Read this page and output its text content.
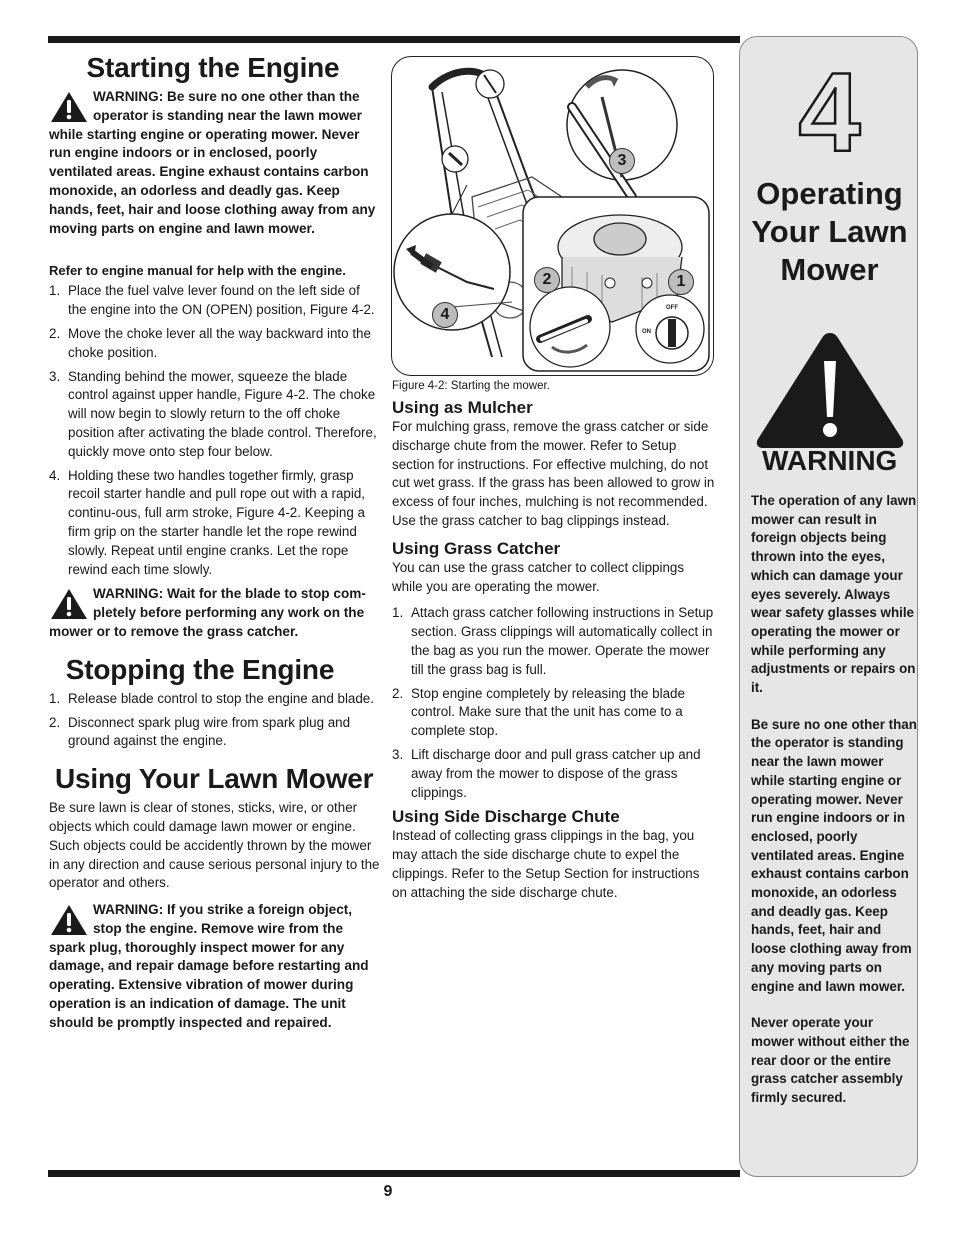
Starting the Engine
WARNING: Be sure no one other than the operator is standing near the lawn mower while starting engine or operating mower. Never run engine indoors or in enclosed, poorly ventilated areas. Engine exhaust contains carbon monoxide, an odorless and deadly gas. Keep hands, feet, hair and loose clothing away from any moving parts on engine and lawn mower.
Refer to engine manual for help with the engine.
1. Place the fuel valve lever found on the left side of the engine into the ON (OPEN) position, Figure 4-2.
2. Move the choke lever all the way backward into the choke position.
3. Standing behind the mower, squeeze the blade control against upper handle, Figure 4-2. The choke will now begin to slowly return to the off choke position after activating the blade control. Therefore, quickly move onto step four below.
4. Holding these two handles together firmly, grasp recoil starter handle and pull rope out with a rapid, continu-ous, full arm stroke, Figure 4-2. Keeping a firm grip on the starter handle let the rope rewind slowly. Repeat until engine cranks. Let the rope rewind each time slowly.
WARNING: Wait for the blade to stop com-pletely before performing any work on the mower or to remove the grass catcher.
Stopping the Engine
1. Release blade control to stop the engine and blade.
2. Disconnect spark plug wire from spark plug and ground against the engine.
Using Your Lawn Mower
Be sure lawn is clear of stones, sticks, wire, or other objects which could damage lawn mower or engine. Such objects could be accidently thrown by the mower in any direction and cause serious personal injury to the operator and others.
WARNING: If you strike a foreign object, stop the engine. Remove wire from the spark plug, thoroughly inspect mower for any damage, and repair damage before restarting and operating. Extensive vibration of mower during operation is an indication of damage. The unit should be promptly inspected and repaired.
3
2	1
4	OFF
ON
Figure 4-2: Starting the mower.
Using as Mulcher
For mulching grass, remove the grass catcher or side discharge chute from the mower. Refer to Setup section for instructions. For effective mulching, do not cut wet grass. If the grass has been allowed to grow in excess of four inches, mulching is not recommended. Use the grass catcher to bag clippings instead.
Using Grass Catcher
You can use the grass catcher to collect clippings while you are operating the mower.
1. Attach grass catcher following instructions in Setup section. Grass clippings will automatically collect in the bag as you run the mower. Operate the mower till the grass bag is full.
2. Stop engine completely by releasing the blade control. Make sure that the unit has come to a complete stop.
3. Lift discharge door and pull grass catcher up and away from the mower to dispose of the grass clippings.
Using Side Discharge Chute
Instead of collecting grass clippings in the bag, you may attach the side discharge chute to expel the clippings. Refer to the Setup Section for instructions on attaching the side discharge chute.
4
Operating
Your Lawn
Mower
WARNING

The operation of any lawn mower can result in foreign objects being thrown into the eyes, which can damage your eyes severely. Always wear safety glasses while operating the mower or while performing any adjustments or repairs on it.

Be sure no one other than the operator is standing near the lawn mower while starting engine or operating mower. Never run engine indoors or in enclosed, poorly ventilated areas. Engine exhaust contains carbon monoxide, an odorless and deadly gas. Keep hands, feet, hair and loose clothing away from any moving parts on engine and lawn mower.

Never operate your mower without either the rear door or the entire grass catcher assembly firmly secured.

9
